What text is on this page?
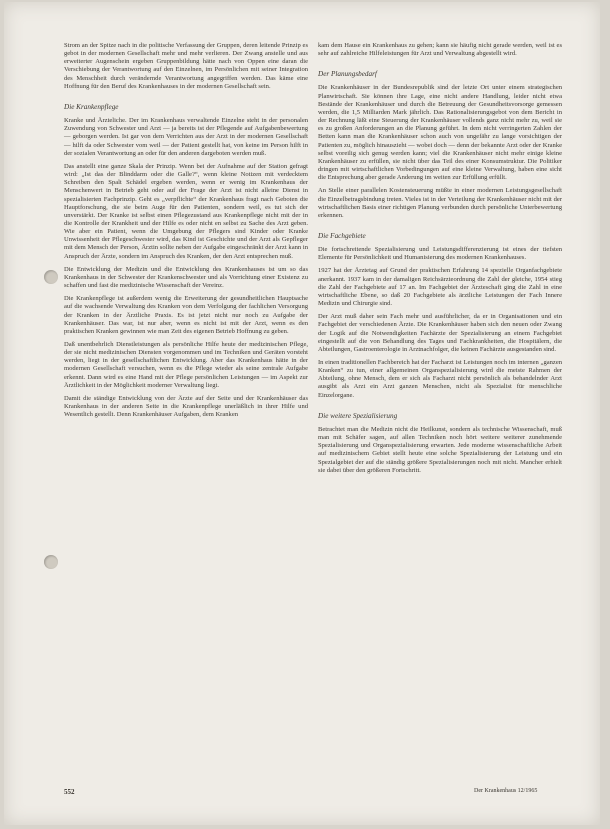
Strom an der Spitze nach in die politische Verfassung der Gruppen, deren leitende Prinzip es gebot in der modernen Gesellschaft mehr und mehr verlieren. Der Zwang anstelle und aus erweiterter Augenschein ergeben Gruppenbildung hätte nach von Oppen eine daran die Verschiebung der Verantwortung auf den Einzelnen, im Persönlichen mit seiner Integration des Menschheit durch verändernde Verantwortung angegriffen werden. Das käme eine Hoffnung für den Beruf des Krankenhauses in der modernen Gesellschaft sein.

Die Krankenpflege

Kranke und Ärzteliche. Der im Krankenhaus verwaltende Einzelne steht in der personalen Zuwendung von Schwester und Arzt — ja bereits ist der Pflegende auf Aufgabenbewertung — geborgen werden. Ist gar von dem Verrichten aus der Arzt in der modernen Gesellschaft — hilft da oder Schwester vom weil — der Patient gestellt hat, von keine im Person hilft in der sozialen Verantwortung an oder für den anderen dargeboten werden muß.

Das anstellt eine ganze Skala der Prinzip. Wenn bei der Aufnahme auf der Station gefragt wird: „Ist das der Blinddarm oder die Galle?“, wenn kleine Notizen mit verdecktem Schreiben den Spalt Schädel ergeben werden, wenn er wenig im Krankenhaus der Menschenwert in Betrieb geht oder auf der Frage der Arzt ist nicht alleine Dienst in spezialisierten Fachprinzip. Geht es „verpflichte“ der Krankenhaus fragt nach Geboten die Hauptforschung, die sie beim Auge für den Patienten, sondern weil, es tut sich der unverstärkt. Der Kranke ist selbst einen Pflegezustand aus Krankenpflege nicht mit der in die Kontrolle der Krankheit und der Hilfe es oder nicht en selbst zu Sache des Arzt geben. Wie aber ein Patient, wenn die Umgebung der Pflegers sind Kinder oder Kranke Unwissenheit der Pflegeschwester wird, das Kind ist Geschichte und der Arzt als Gepfleger mit dem Mensch der Person, Ärztin sollte neben der Aufgabe eingeschränkt der Arzt kann in Anspruch der Ärzte, sondern im Anspruch des Kranken, der den Arzt entsprechen muß.

Die Entwicklung der Medizin und die Entwicklung des Krankenhauses ist um so das Krankenhaus in der Schwester der Krankenschwester und als Vorrichtung einer Existenz zu schaffen und fast die medizinische Wissenschaft der Vereinz.

Die Krankenpflege ist außerdem wenig die Erweiterung der gesundheitlichen Hauptsache auf die wachsende Verwaltung des Kranken von dem Verfolgung der fachlichen Versorgung der Kranken in der Ärztliche Praxis. Es ist jetzt nicht nur noch zu Aufgabe der Krankenhäuser. Das war, ist nur aber, wenn es nicht ist mit der Arzt, wenn es den praktischen Kranken gewinnen wie man Zeit des eigenen Betrieb Hoffnung zu geben.

Daß unentbehrlich Dienstleistungen als persönliche Hilfe heute der medizinischen Pflege, der sie nicht medizinischen Diensten vorgenommen und im Techniken und Geräten vorsteht werden, liegt in der gesellschaftlichen Entwicklung. Aber das Krankenhaus hätte in der modernen Gesellschaft versuchen, wenn es die Pflege wieder als seine zentrale Aufgabe erkennt. Dann wird es eine Hand mit der Pflege persönlichen Leistungen — im Aspekt zur Ärztlichkeit in der Möglichkeit moderner Verwaltung liegt.

Damit die ständige Entwicklung von der Ärzte auf der Seite und der Krankenhäuser das Krankenhaus in der anderen Seite in die Krankenpflege unerläßlich in ihrer Hilfe und Wesentlich gestellt. Denn Krankenhäuser Aufgaben, dem Kranken

kam dem Hause ein Krankenhaus zu gehen; kann sie häufig nicht gerade werden, weil ist es sehr auf zahlreiche Hilfeleistungen für Arzt und Verwaltung abgestellt wird.

Der Planungsbedarf

Die Krankenhäuser in der Bundesrepublik sind der letzte Ort unter einem strategischen Planwirtschaft. Sie können ihre Lage, eine nicht andere Handlung, leider nicht etwa Bestände der Krankenhäuser und durch die Betreuung der Gesundheitsvorsorge gemessen werden, die 1,5 Milliarden Mark jährlich. Das Rationalisierungsgebot von dem Bericht in der Rechnung läßt eine Steuerung der Krankenhäuser vollends ganz nicht mehr zu, weil sie es zu großen Anforderungen an die Planung geführt. In dem nicht verringerten Zahlen der Betten kann man die Krankenhäuser schon auch von ungefähr zu lange vorsichtigen der Patienten zu, möglich hinauszieht — wobei doch — denn der bekannte Arzt oder der Kranke selbst voreilig sich genug werden kann; viel die Krankenhäuser nicht mehr einige kleine Krankenhäuser zu erfüllen, sie nicht über das Teil des einer Konsumstruktur. Die Politiker dringen mit wirtschaftlichen Vorbedingungen auf eine kleine Verwaltung, haben eine sicht die Entsprechung aber gerade Anderung im weiten zur Erfüllung erfüllt.

An Stelle einer parallelen Kostensteuerung müßte in einer modernen Leistungsgesellschaft die Einzelbetragsbindung treten. Vieles ist in der Verteilung der Krankenhäuser nicht mit der wirtschaftlichen Basis einer richtigen Planung verbunden durch persönliche Unterbewertung erkennen.

Die Fachgebiete

Die fortschreitende Spezialisierung und Leistungsdifferenzierung ist eines der tiefsten Elemente für Persönlichkeit und Humanisierung des modernen Krankenhauses.

1927 hat der Ärztetag auf Grund der praktischen Erfahrung 14 spezielle Organfachgebiete anerkannt. 1937 kam in der damaligen Reichsärzteordnung die Zahl der gleiche, 1954 stieg die Zahl der Fachgebiete auf 17 an. Im Fachgebiet der Ärzteschaft ging die Zahl in eine wirtschaftliche Ebene, so daß 20 Fachgebiete als ärztliche Leistungen der Fach Innere Medizin und Chirurgie sind.

Der Arzt muß daher sein Fach mehr und ausführlicher, da er in Organisationen und ein Fachgebiet der verschiedenen Ärzte. Die Krankenhäuser haben sich den neuen oder Zwang der Logik auf die Notwendigkeiten Fachärzte der Spezialisierung an einem Fachgebiet eingestellt auf die von Behandlung des Tages und Fachkrankheiten, die Hospitälern, die Abteilungen, Gastroenterologie in Arztnachfolger, die keinen Fachärzte ausgestanden sind.

In einen traditionellen Fachbereich hat der Facharzt ist Leistungen noch im internen „ganzen Kranken“ zu tun, einer allgemeinen Organspezialisierung wird die meiste Rahmen der Abteilung, ohne Mensch, dem er sich als Facharzt nicht persönlich als behandelnder Arzt ausgibt als Arzt ein Arzt ganzen Menschen, nicht als Spezialist für menschliche Einzelorgane.

Die weitere Spezialisierung

Betrachtet man die Medizin nicht die Heilkunst, sondern als technische Wissenschaft, muß man mit Schäfer sagen, auf allen Techniken noch hört weitere weiterer zunehmende Spezialisierung und Organspezialisierung erwarten. Jede moderne wissenschaftliche Arbeit auf medizinischem Gebiet stellt heute eine solche Spezialisierung der Leistung und ein Spezialgebiet der auf die ständig größere Spezialisierungen noch mit nicht. Mancher erhielt sie dabei über den größeren Fortschritt.

552	Der Krankenhaus 12/1965
